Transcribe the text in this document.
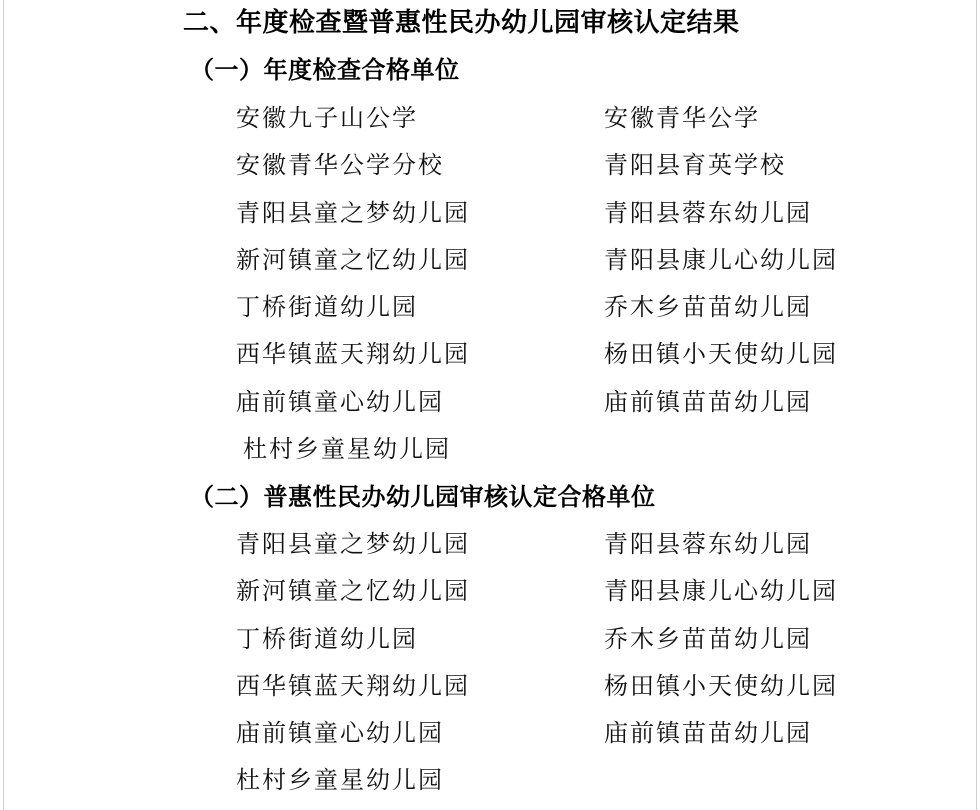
二、年度检查暨普惠性民办幼儿园审核认定结果
（一）年度检查合格单位
安徽九子山公学	安徽青华公学
安徽青华公学分校	青阳县育英学校
青阳县童之梦幼儿园	青阳县蓉东幼儿园
新河镇童之忆幼儿园	青阳县康儿心幼儿园
丁桥街道幼儿园	乔木乡苗苗幼儿园
西华镇蓝天翔幼儿园	杨田镇小天使幼儿园
庙前镇童心幼儿园	庙前镇苗苗幼儿园
杜村乡童星幼儿园
（二）普惠性民办幼儿园审核认定合格单位
青阳县童之梦幼儿园	青阳县蓉东幼儿园
新河镇童之忆幼儿园	青阳县康儿心幼儿园
丁桥街道幼儿园	乔木乡苗苗幼儿园
西华镇蓝天翔幼儿园	杨田镇小天使幼儿园
庙前镇童心幼儿园	庙前镇苗苗幼儿园
杜村乡童星幼儿园
